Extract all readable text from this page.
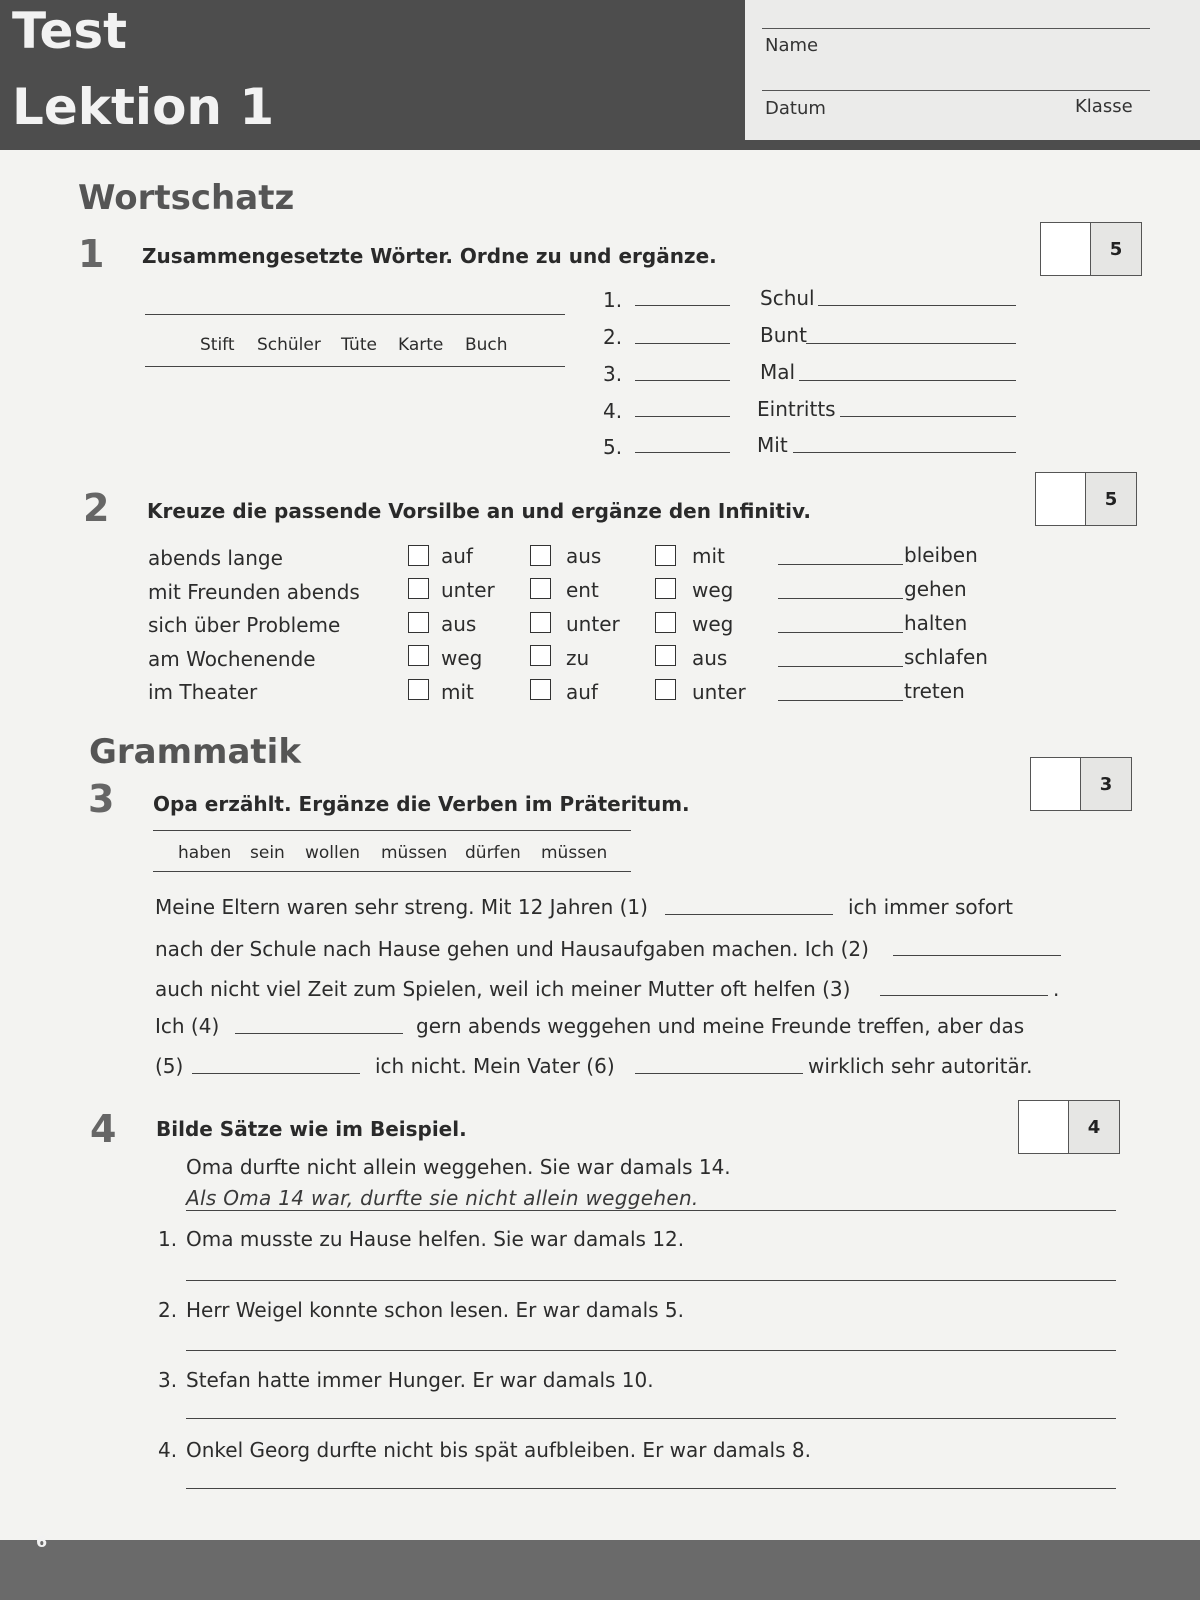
Test
Lektion 1
Name
Datum	Klasse
Wortschatz
1 Zusammengesetzte Wörter. Ordne zu und ergänze.	5
Stift Schüler Tüte Karte Buch
1.	Schul
2.	Bunt
3.	Mal
4.	Eintritts
5.	Mit
2 Kreuze die passende Vorsilbe an und ergänze den Infinitiv.	5
abends lange	auf	aus	mit	bleiben
mit Freunden abends	unter	ent	weg	gehen
sich über Probleme	aus	unter	weg	halten
am Wochenende	weg	zu	aus	schlafen
im Theater	mit	auf	unter	treten
Grammatik
3 Opa erzählt. Ergänze die Verben im Präteritum.
3
haben sein wollen müssen dürfen müssen
Meine Eltern waren sehr streng. Mit 12 Jahren (1)	ich immer sofort
nach der Schule nach Hause gehen und Hausaufgaben machen. Ich (2)
auch nicht viel Zeit zum Spielen, weil ich meiner Mutter oft helfen (3)	.
Ich (4)	gern abends weggehen und meine Freunde treffen, aber das
(5)	ich nicht. Mein Vater (6)	wirklich sehr autoritär.
4 Bilde Sätze wie im Beispiel.	4
Oma durfte nicht allein weggehen. Sie war damals 14.
Als Oma 14 war, durfte sie nicht allein weggehen.
1. Oma musste zu Hause helfen. Sie war damals 12.
2. Herr Weigel konnte schon lesen. Er war damals 5.
3. Stefan hatte immer Hunger. Er war damals 10.
4. Onkel Georg durfte nicht bis spät aufbleiben. Er war damals 8.
6
